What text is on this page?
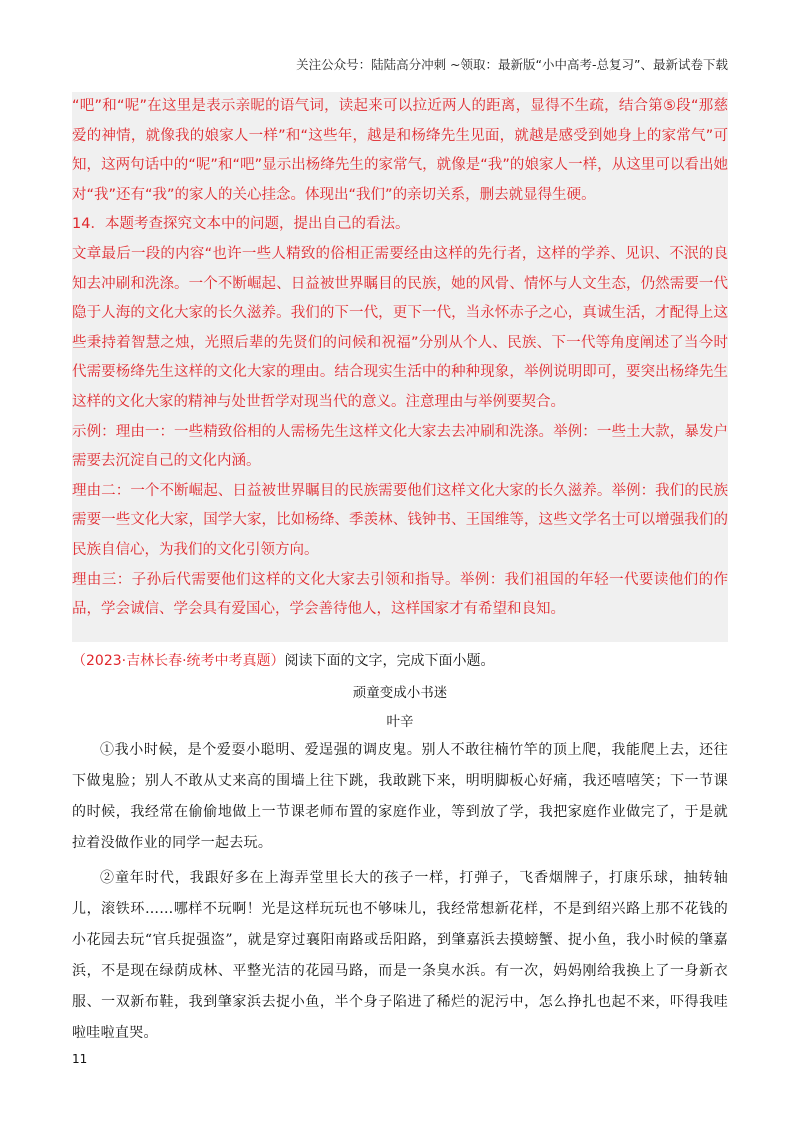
关注公众号：陆陆高分冲刺 ~领取：最新版“小中高考-总复习”、最新试卷下载

“吧”和“呢”在这里是表示亲昵的语气词，读起来可以拉近两人的距离，显得不生疏，结合第⑤段“那慈爱的神情，就像我的娘家人一样”和“这些年，越是和杨绛先生见面，就越是感受到她身上的家常气”可知，这两句话中的“呢”和“吧”显示出杨绛先生的家常气，就像是“我”的娘家人一样，从这里可以看出她对“我”还有“我”的家人的关心挂念。体现出“我们”的亲切关系，删去就显得生硬。

14．本题考查探究文本中的问题，提出自己的看法。

文章最后一段的内容“也许一些人精致的俗相正需要经由这样的先行者，这样的学养、见识、不泯的良知去冲刷和洗涤。一个不断崛起、日益被世界瞩目的民族，她的风骨、情怀与人文生态，仍然需要一代隐于人海的文化大家的长久滋养。我们的下一代，更下一代，当永怀赤子之心，真诚生活，才配得上这些秉持着智慧之烛，光照后辈的先贤们的问候和祝福”分别从个人、民族、下一代等角度阐述了当今时代需要杨绛先生这样的文化大家的理由。结合现实生活中的种种现象，举例说明即可，要突出杨绛先生这样的文化大家的精神与处世哲学对现当代的意义。注意理由与举例要契合。

示例：理由一：一些精致俗相的人需杨先生这样文化大家去去冲刷和洗涤。举例：一些土大款，暴发户需要去沉淀自己的文化内涵。

理由二：一个不断崛起、日益被世界瞩目的民族需要他们这样文化大家的长久滋养。举例：我们的民族需要一些文化大家，国学大家，比如杨绛、季羡林、钱钟书、王国维等，这些文学名士可以增强我们的民族自信心，为我们的文化引领方向。

理由三：子孙后代需要他们这样的文化大家去引领和指导。举例：我们祖国的年轻一代要读他们的作品，学会诚信、学会具有爱国心，学会善待他人，这样国家才有希望和良知。

（2023·吉林长春·统考中考真题）阅读下面的文字，完成下面小题。
顽童变成小书迷
叶辛

①我小时候，是个爱耍小聪明、爱逞强的调皮鬼。别人不敢往楠竹竿的顶上爬，我能爬上去，还往下做鬼脸；别人不敢从丈来高的围墙上往下跳，我敢跳下来，明明脚板心好痛，我还嘻嘻笑；下一节课的时候，我经常在偷偷地做上一节课老师布置的家庭作业，等到放了学，我把家庭作业做完了，于是就拉着没做作业的同学一起去玩。

②童年时代，我跟好多在上海弄堂里长大的孩子一样，打弹子，飞香烟牌子，打康乐球，抽转轴儿，滚铁环……哪样不玩啊！光是这样玩玩也不够味儿，我经常想新花样，不是到绍兴路上那不花钱的小花园去玩“官兵捉强盗”，就是穿过襄阳南路或岳阳路，到肇嘉浜去摸螃蟹、捉小鱼，我小时候的肇嘉浜，不是现在绿荫成林、平整光洁的花园马路，而是一条臭水浜。有一次，妈妈刚给我换上了一身新衣服、一双新布鞋，我到肇家浜去捉小鱼，半个身子陷进了稀烂的泥污中，怎么挣扎也起不来，吓得我哇啦哇啦直哭。

11
